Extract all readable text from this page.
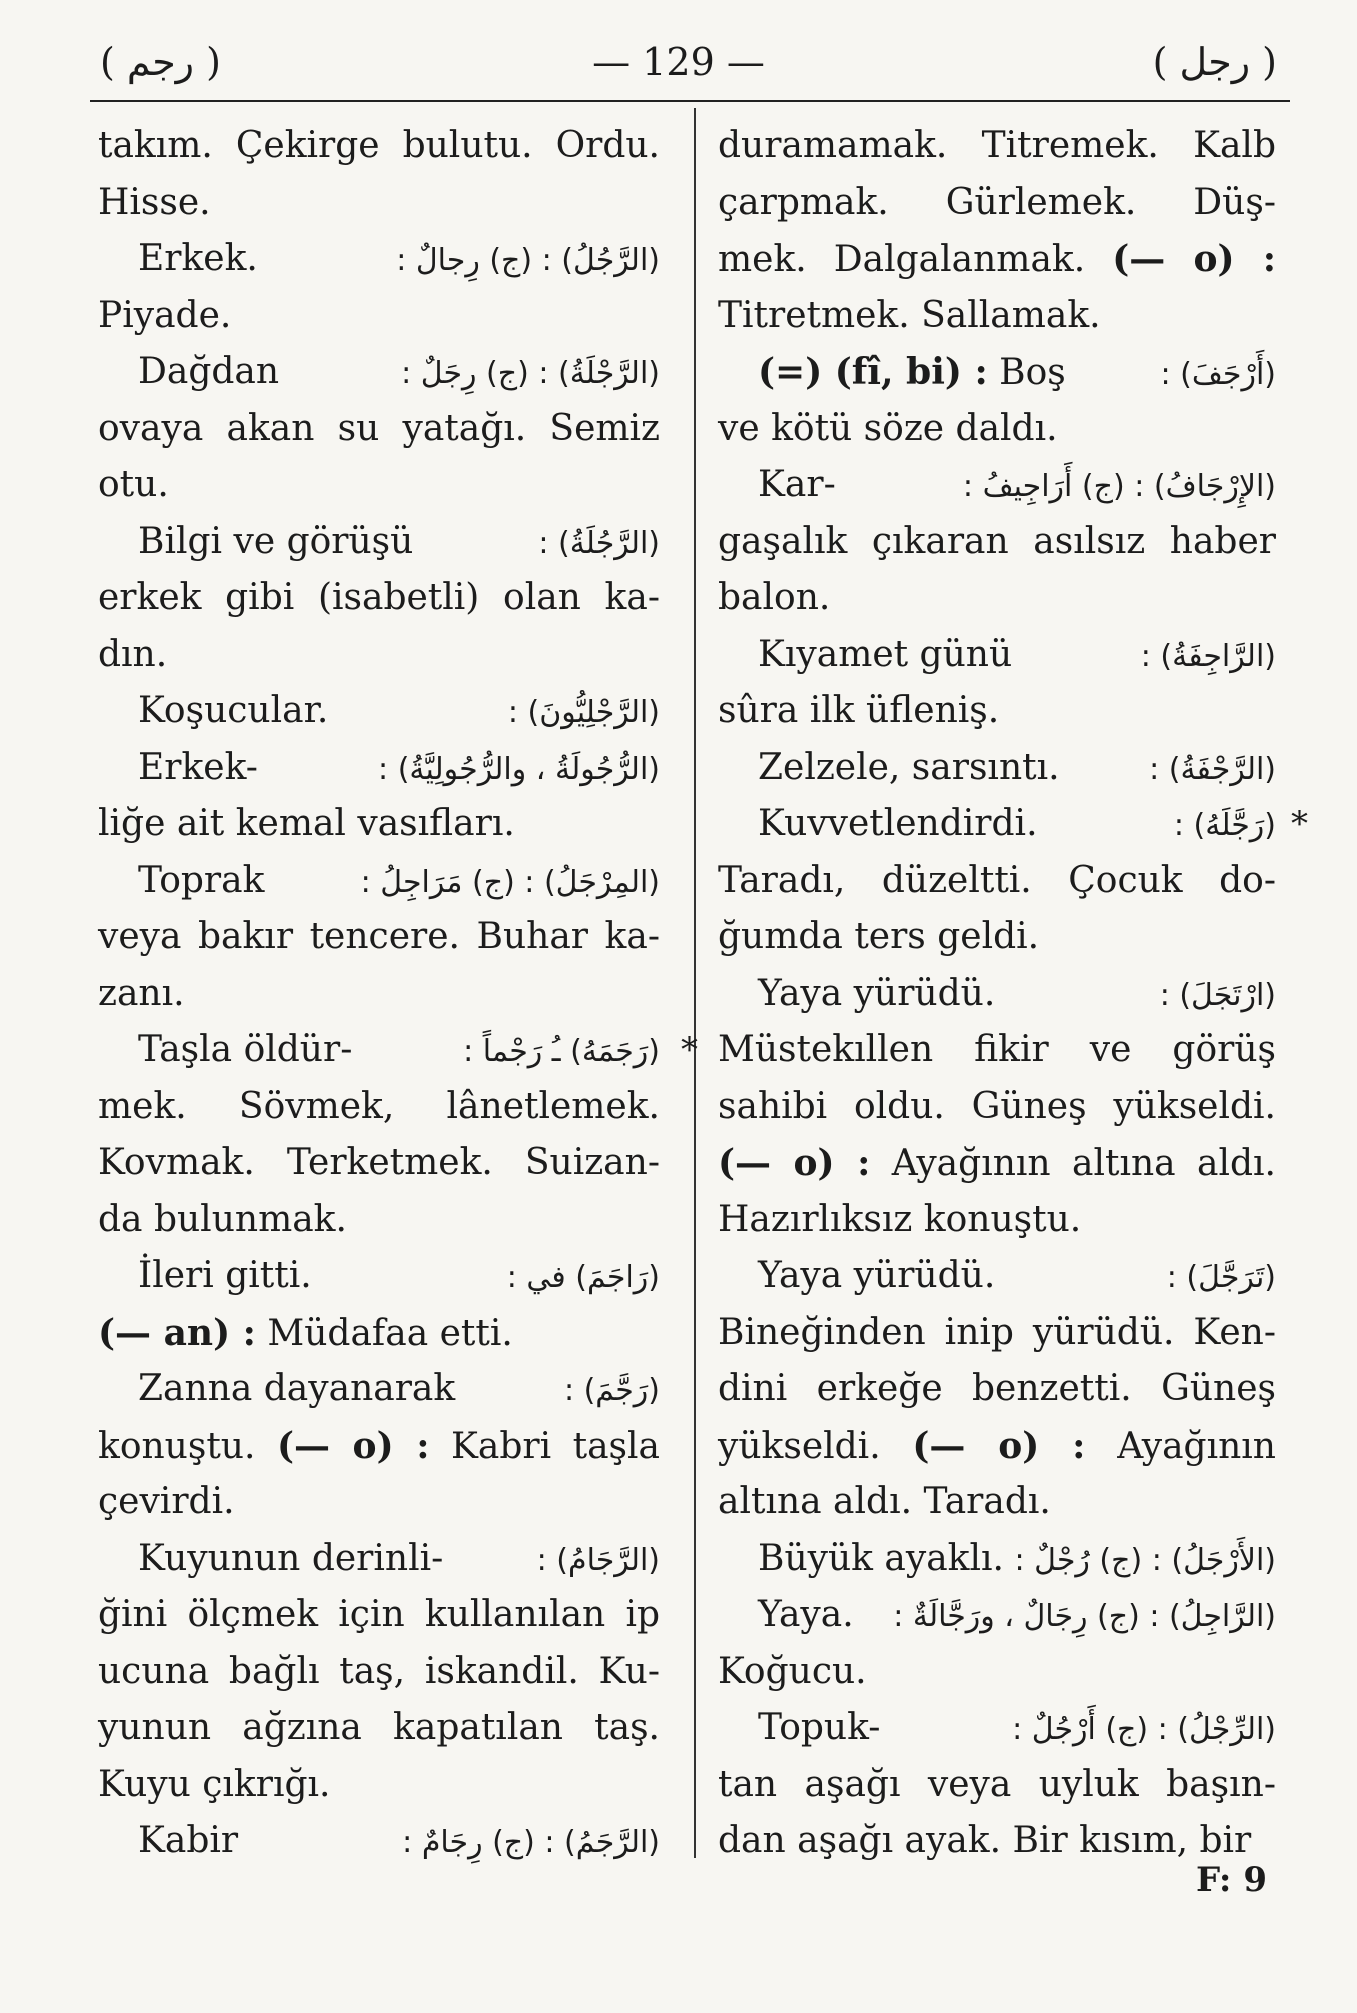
( رجم )	— 129 —	( رجل )
takım. Çekirge bulutu. Ordu.
Hisse.
Erkek.	(الرَّجُلُ) : (ج) رِجالٌ :
Piyade.
Dağdan	(الرَّجْلَةُ) : (ج) رِجَلٌ :
ovaya akan su yatağı. Semiz
otu.
Bilgi ve görüşü	(الرَّجُلَةُ) :
erkek gibi (isabetli) olan ka-
dın.
Koşucular.	(الرَّجْلِيُّونَ) :
Erkek-	(الرُّجُولَةُ ، والرُّجُولِيَّةُ) :
liğe ait kemal vasıfları.
Toprak	(المِرْجَلُ) : (ج) مَرَاجِلُ :
veya bakır tencere. Buhar ka-
zanı.
Taşla öldür-	(رَجَمَهُ) ـُ رَجْماً : *
mek. Sövmek, lânetlemek.
Kovmak. Terketmek. Suizan-
da bulunmak.
İleri gitti.	(رَاجَمَ) في :
(— an) : Müdafaa etti.
Zanna dayanarak	(رَجَّمَ) :
konuştu. (— o) : Kabri taşla
çevirdi.
Kuyunun derinli-	(الرَّجَامُ) :
ğini ölçmek için kullanılan ip
ucuna bağlı taş, iskandil. Ku-
yunun ağzına kapatılan taş.
Kuyu çıkrığı.
Kabir	(الرَّجَمُ) : (ج) رِجَامٌ :
duramamak. Titremek. Kalb
çarpmak. Gürlemek. Düş-
mek. Dalgalanmak. (— o) :
Titretmek. Sallamak.
(=) (fî, bi) : Boş	(أَرْجَفَ) :
ve kötü söze daldı.
Kar-	(الإِرْجَافُ) : (ج) أَرَاجِيفُ :
gaşalık çıkaran asılsız haber
balon.
Kıyamet günü	(الرَّاجِفَةُ) :
sûra ilk üfleniş.
Zelzele, sarsıntı.	(الرَّجْفَةُ) :
Kuvvetlendirdi.	(رَجَّلَهُ) : *
Taradı, düzeltti. Çocuk do-
ğumda ters geldi.
Yaya yürüdü.	(ارْتَجَلَ) :
Müstekıllen fikir ve görüş
sahibi oldu. Güneş yükseldi.
(— o) : Ayağının altına aldı.
Hazırlıksız konuştu.
Yaya yürüdü.	(تَرَجَّلَ) :
Bineğinden inip yürüdü. Ken-
dini erkeğe benzetti. Güneş
yükseldi. (— o) : Ayağının
altına aldı. Taradı.
Büyük ayaklı. (الأَرْجَلُ) : (ج) رُجْلٌ :
Yaya. (الرَّاجِلُ) : (ج) رِجَالٌ ، ورَجَّالَةٌ :
Koğucu.
Topuk-	(الرِّجْلُ) : (ج) أَرْجُلٌ :
tan aşağı veya uyluk başın-
dan aşağı ayak. Bir kısım, bir
F: 9
